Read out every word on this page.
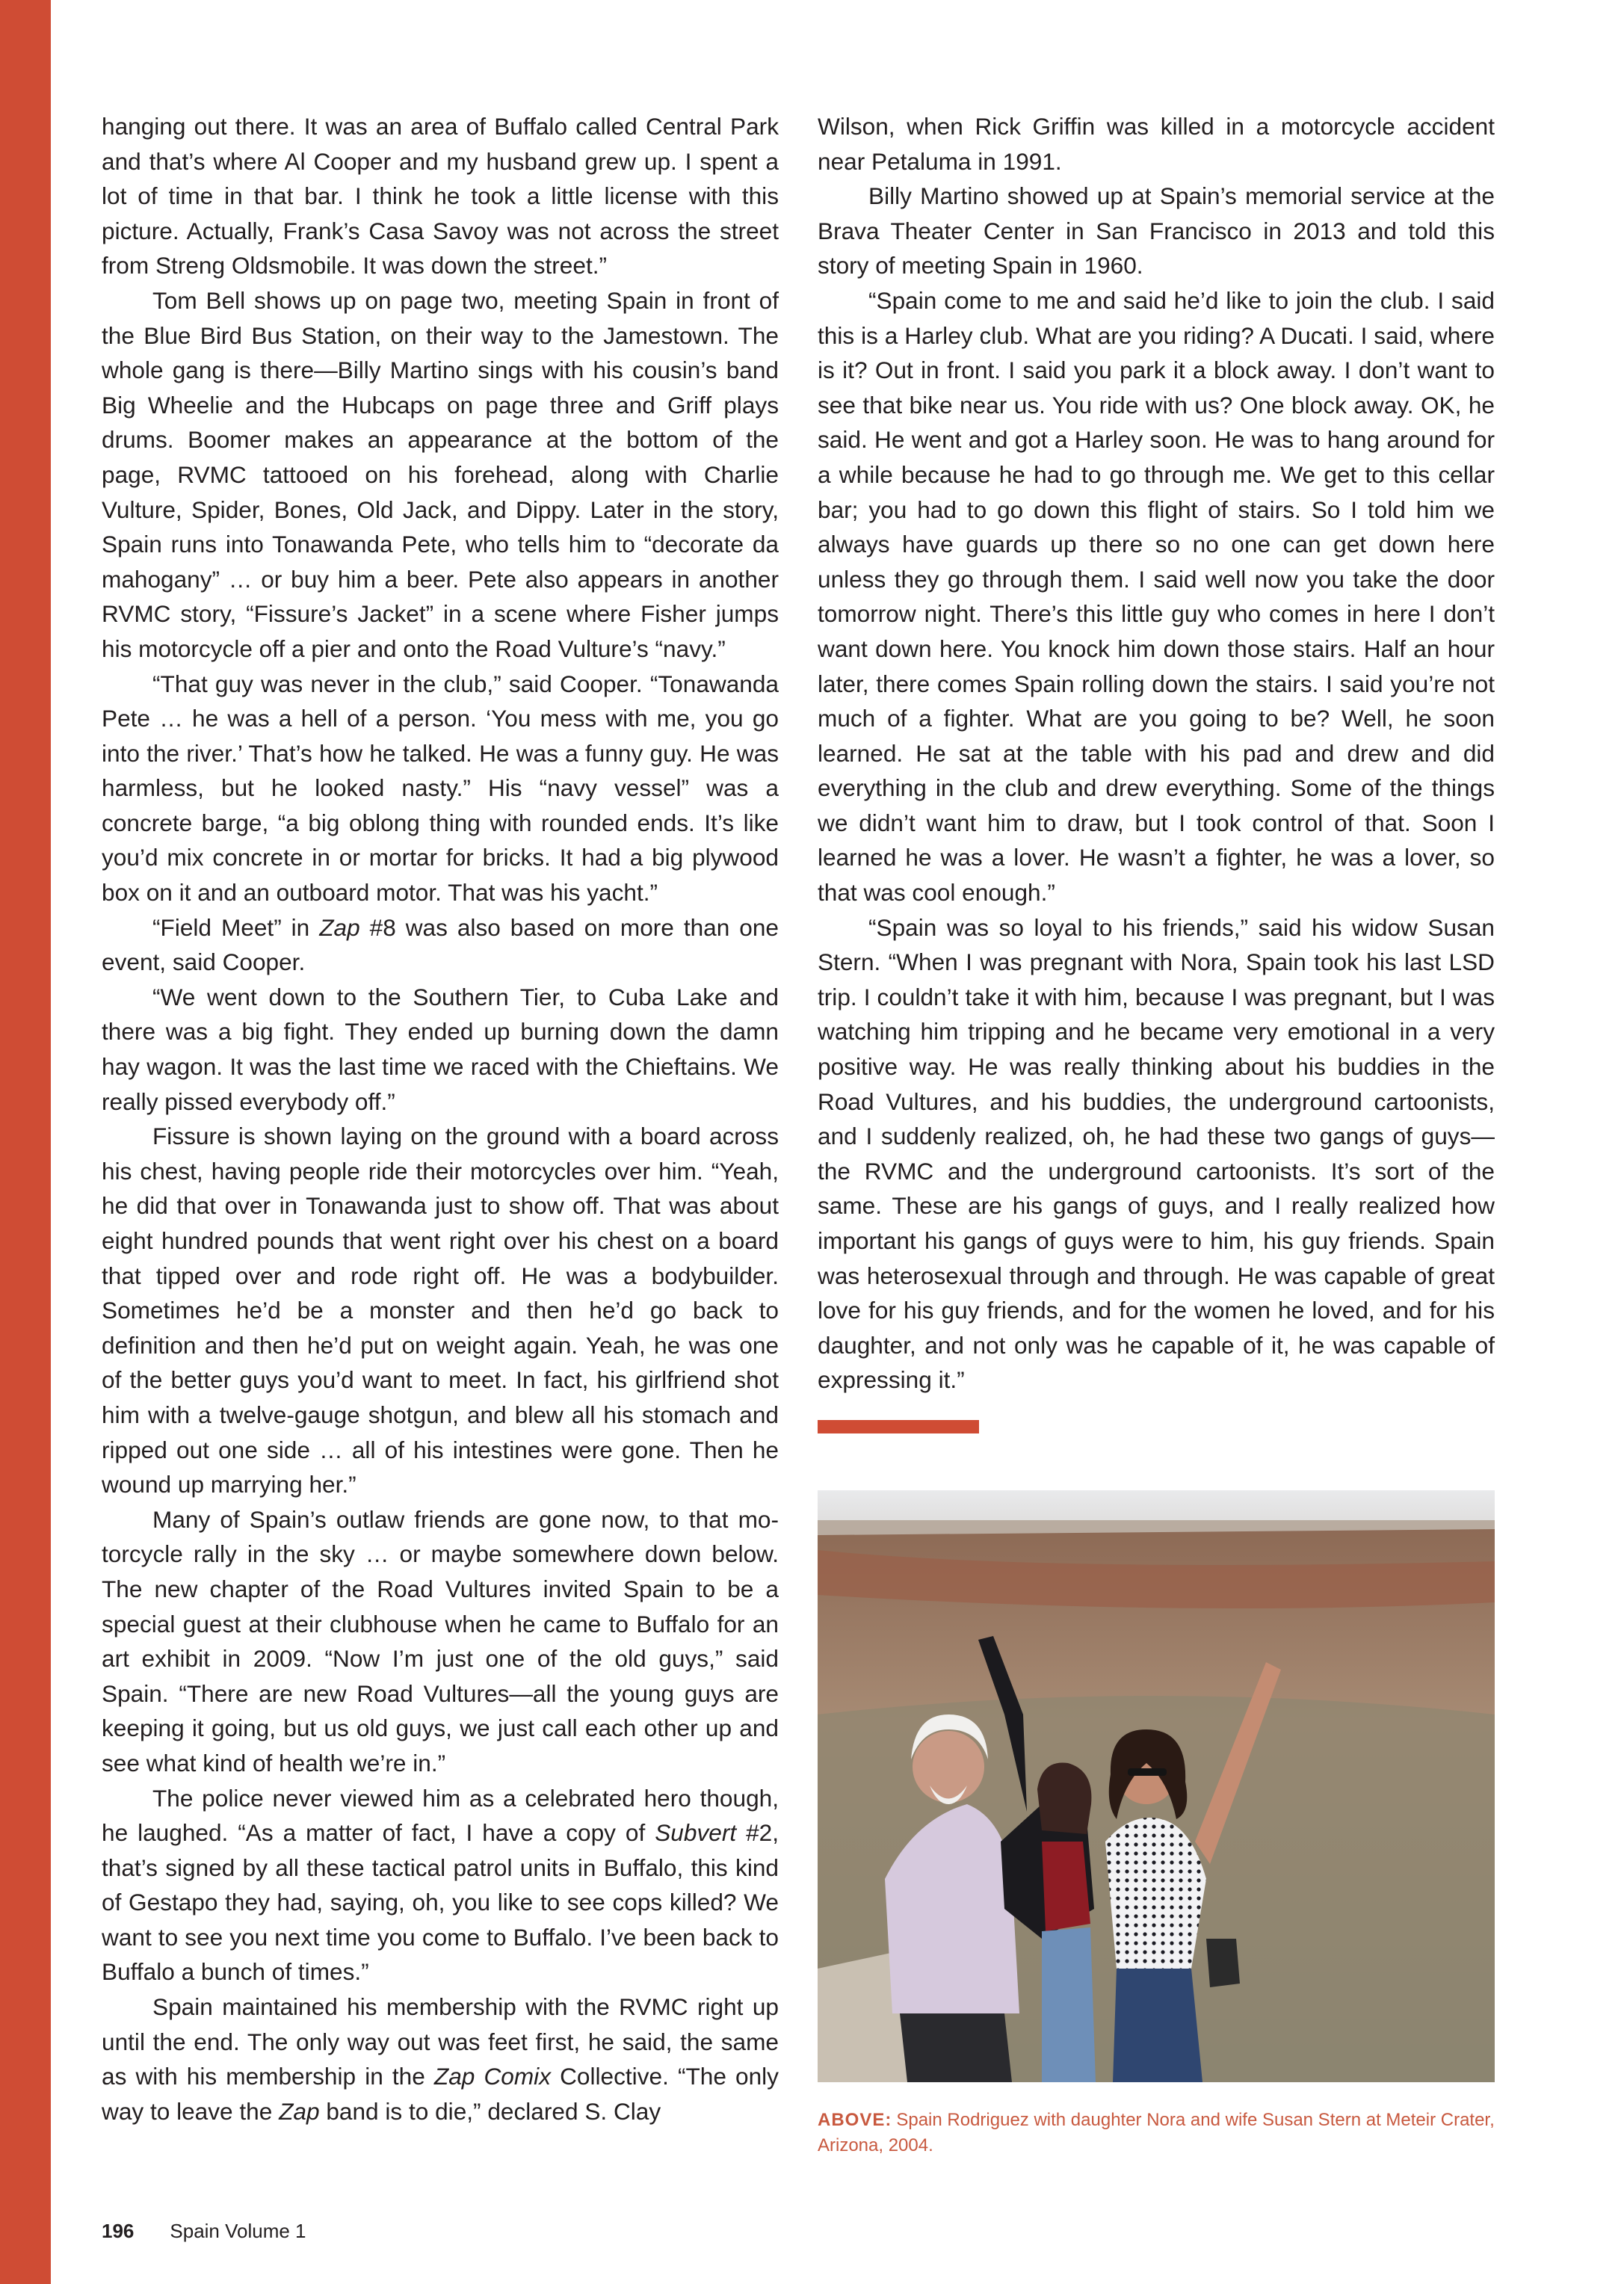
hanging out there. It was an area of Buffalo called Central Park and that’s where Al Cooper and my husband grew up. I spent a lot of time in that bar. I think he took a little license with this picture. Actually, Frank’s Casa Savoy was not across the street from Streng Oldsmobile. It was down the street.”

Tom Bell shows up on page two, meeting Spain in front of the Blue Bird Bus Station, on their way to the Jamestown. The whole gang is there—Billy Martino sings with his cousin’s band Big Wheelie and the Hubcaps on page three and Griff plays drums. Boomer makes an appearance at the bottom of the page, RVMC tattooed on his forehead, along with Charlie Vulture, Spider, Bones, Old Jack, and Dippy. Later in the story, Spain runs into Tonawanda Pete, who tells him to “decorate da mahogany” … or buy him a beer. Pete also appears in another RVMC story, “Fissure’s Jacket” in a scene where Fisher jumps his motorcycle off a pier and onto the Road Vulture’s “navy.”

“That guy was never in the club,” said Cooper. “Tonawanda Pete … he was a hell of a person. ‘You mess with me, you go into the river.’ That’s how he talked. He was a funny guy. He was harmless, but he looked nasty.” His “navy vessel” was a concrete barge, “a big oblong thing with rounded ends. It’s like you’d mix concrete in or mortar for bricks. It had a big plywood box on it and an outboard motor. That was his yacht.”

“Field Meet” in Zap #8 was also based on more than one event, said Cooper.

“We went down to the Southern Tier, to Cuba Lake and there was a big fight. They ended up burning down the damn hay wagon. It was the last time we raced with the Chieftains. We really pissed everybody off.”

Fissure is shown laying on the ground with a board across his chest, having people ride their motorcycles over him. “Yeah, he did that over in Tonawanda just to show off. That was about eight hundred pounds that went right over his chest on a board that tipped over and rode right off. He was a bodybuilder. Sometimes he’d be a monster and then he’d go back to definition and then he’d put on weight again. Yeah, he was one of the better guys you’d want to meet. In fact, his girlfriend shot him with a twelve-gauge shotgun, and blew all his stomach and ripped out one side … all of his intestines were gone. Then he wound up marrying her.”

Many of Spain’s outlaw friends are gone now, to that motorcycle rally in the sky … or maybe somewhere down below. The new chapter of the Road Vultures invited Spain to be a special guest at their clubhouse when he came to Buffalo for an art exhibit in 2009. “Now I’m just one of the old guys,” said Spain. “There are new Road Vultures—all the young guys are keeping it going, but us old guys, we just call each other up and see what kind of health we’re in.”

The police never viewed him as a celebrated hero though, he laughed. “As a matter of fact, I have a copy of Subvert #2, that’s signed by all these tactical patrol units in Buffalo, this kind of Gestapo they had, saying, oh, you like to see cops killed? We want to see you next time you come to Buffalo. I’ve been back to Buffalo a bunch of times.”

Spain maintained his membership with the RVMC right up until the end. The only way out was feet first, he said, the same as with his membership in the Zap Comix Collective. “The only way to leave the Zap band is to die,” declared S. Clay

Wilson, when Rick Griffin was killed in a motorcycle accident near Petaluma in 1991.

Billy Martino showed up at Spain’s memorial service at the Brava Theater Center in San Francisco in 2013 and told this story of meeting Spain in 1960.

“Spain come to me and said he’d like to join the club. I said this is a Harley club. What are you riding? A Ducati. I said, where is it? Out in front. I said you park it a block away. I don’t want to see that bike near us. You ride with us? One block away. OK, he said. He went and got a Harley soon. He was to hang around for a while because he had to go through me. We get to this cellar bar; you had to go down this flight of stairs. So I told him we always have guards up there so no one can get down here unless they go through them. I said well now you take the door tomorrow night. There’s this little guy who comes in here I don’t want down here. You knock him down those stairs. Half an hour later, there comes Spain rolling down the stairs. I said you’re not much of a fighter. What are you going to be? Well, he soon learned. He sat at the table with his pad and drew and did everything in the club and drew everything. Some of the things we didn’t want him to draw, but I took control of that. Soon I learned he was a lover. He wasn’t a fighter, he was a lover, so that was cool enough.”

“Spain was so loyal to his friends,” said his widow Susan Stern. “When I was pregnant with Nora, Spain took his last LSD trip. I couldn’t take it with him, because I was pregnant, but I was watching him tripping and he became very emotional in a very positive way. He was really thinking about his buddies in the Road Vultures, and his buddies, the underground cartoonists, and I suddenly realized, oh, he had these two gangs of guys—the RVMC and the underground cartoonists. It’s sort of the same. These are his gangs of guys, and I really realized how important his gangs of guys were to him, his guy friends. Spain was heterosexual through and through. He was capable of great love for his guy friends, and for the women he loved, and for his daughter, and not only was he capable of it, he was capable of expressing it.”

ABOVE: Spain Rodriguez with daughter Nora and wife Susan Stern at Meteir Crater, Arizona, 2004.
196 Spain Volume 1
